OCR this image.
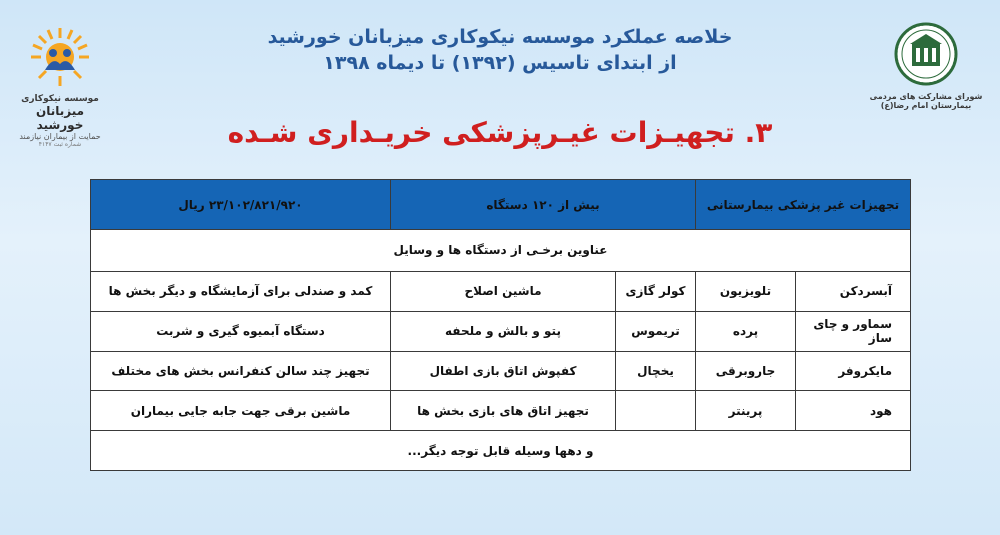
موسسه نیکوکاری
میزبانان خورشید
حمایت از بیماران نیازمند
شماره ثبت ۴۱۴۷
خلاصه عملکرد موسسه نیکوکاری میزبانان خورشید
از ابتدای تاسیس (۱۳۹۲) تا دیماه ۱۳۹۸
۳. تجهیـزات غیـرپزشکی خریـداری شـده
شورای مشارکت های مردمی
بیمارستان امام رضا(ع)
تجهیزات غیر پزشکی بیمارستانی		بیش از ۱۲۰ دستگاه		۲۳/۱۰۲/۸۲۱/۹۲۰ ریال
عناوین برخـی از دستگاه ها و وسایل				
آبسردکن	تلویزیون	کولر گازی	ماشین اصلاح	کمد و صندلی برای آزمایشگاه و دیگر بخش ها
سماور و چای ساز	پرده	تریموس	پتو و بالش و ملحفه	دستگاه آبمیوه گیری و شربت
مایکروفر	جاروبرقی	یخچال	کفپوش اتاق بازی اطفال	تجهیز چند سالن کنفرانس بخش های مختلف
هود	پرینتر		تجهیز اتاق های بازی بخش ها	ماشین برقی جهت جابه جایی بیماران
و دهها وسیله قابل توجه دیگر...				
